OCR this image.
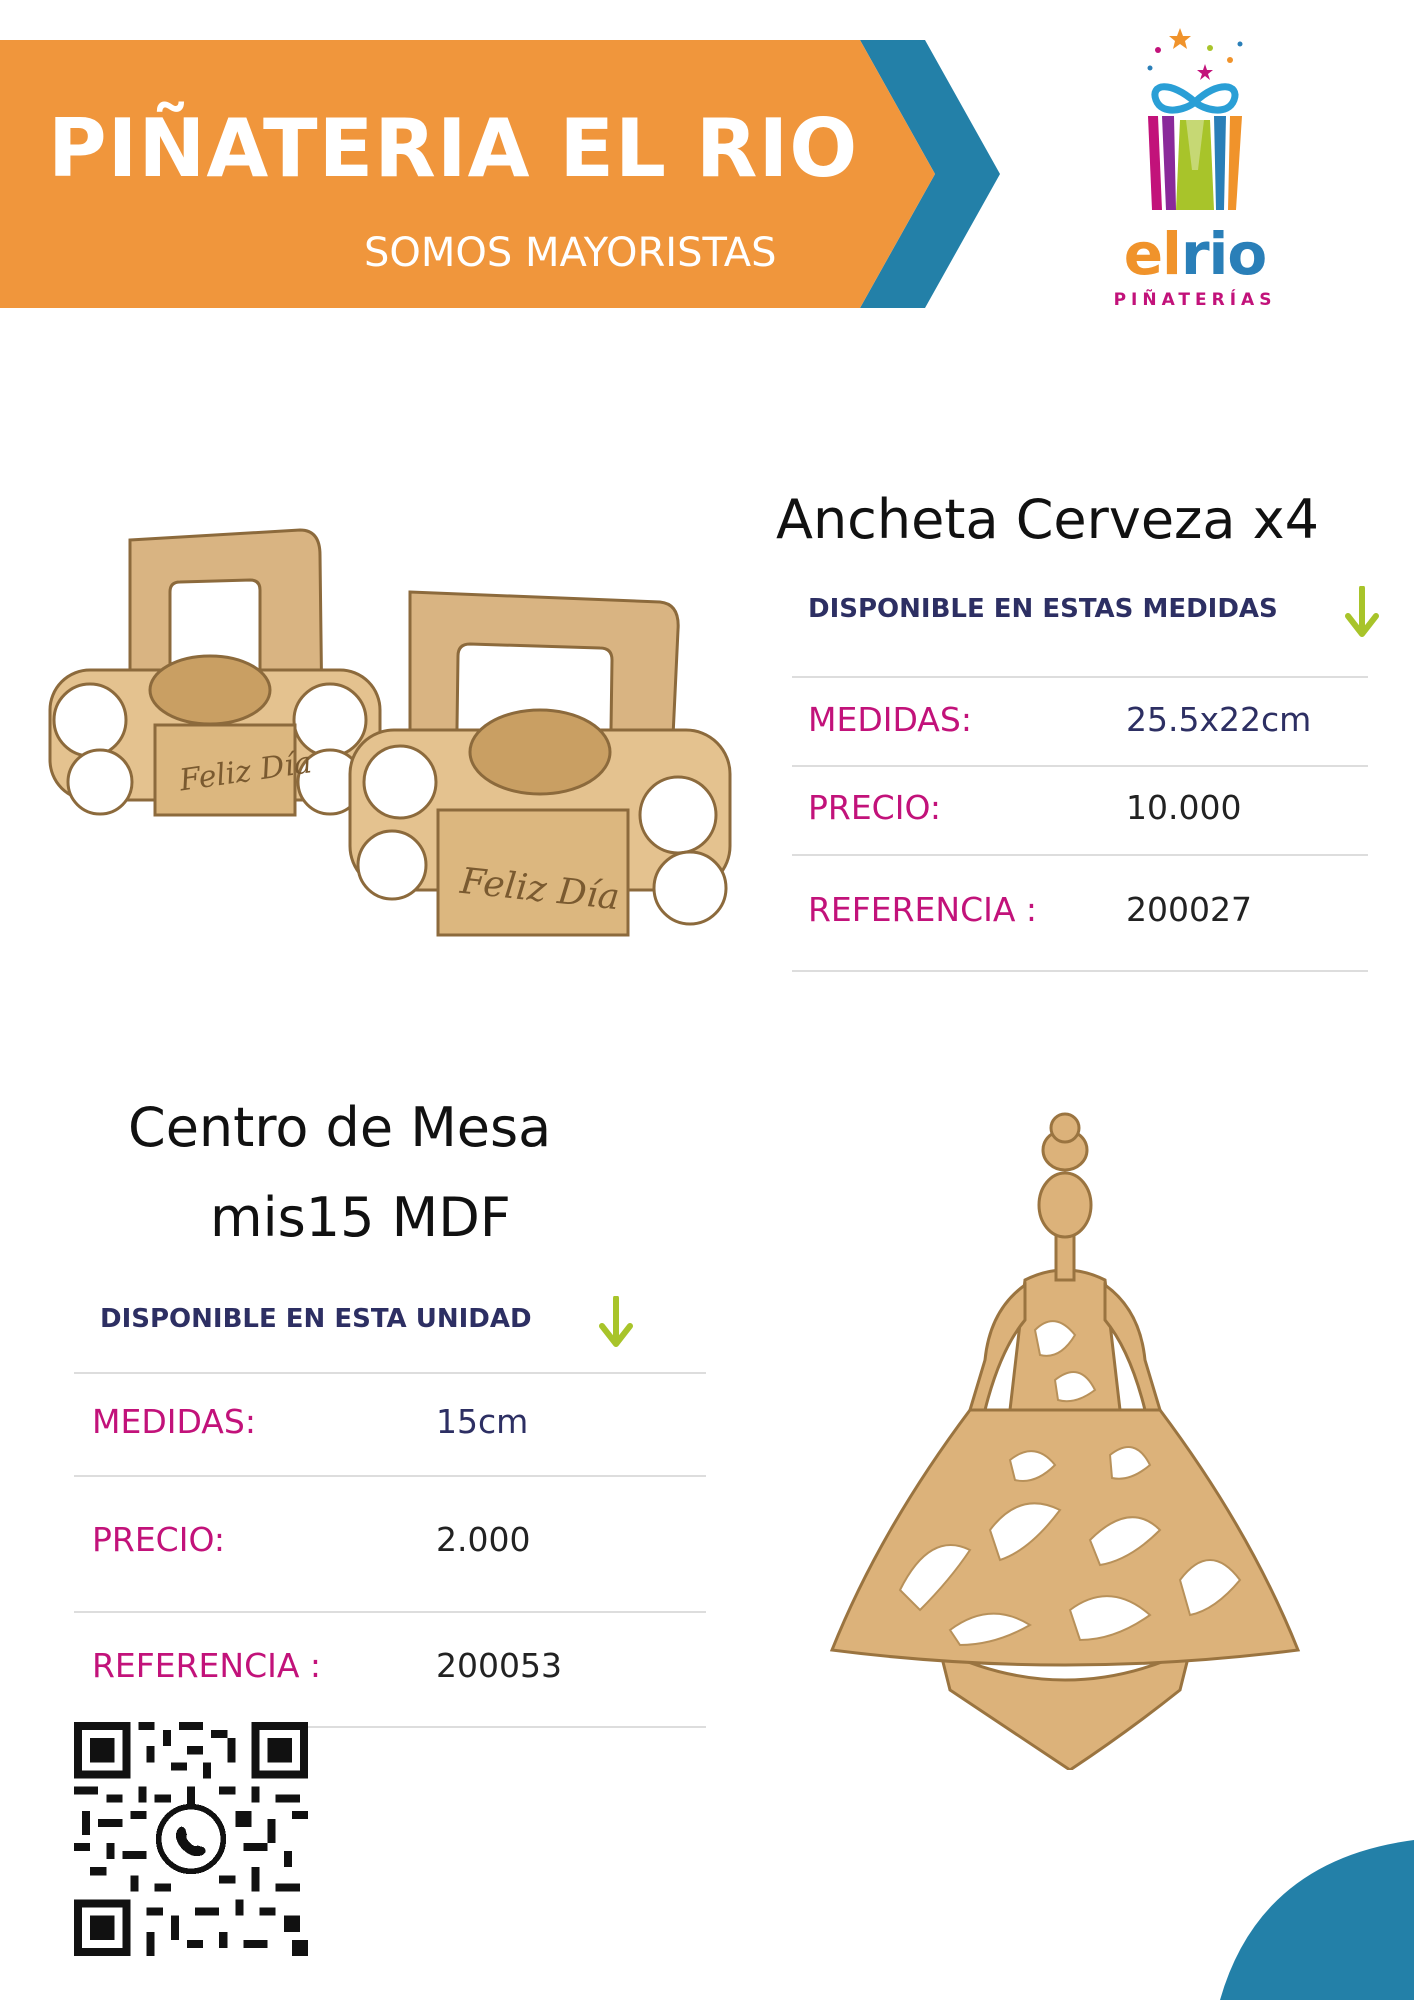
PIÑATERIA EL RIO
SOMOS MAYORISTAS	elrio
PIÑATERÍAS
Feliz Día
Feliz Día
Ancheta Cerveza x4
DISPONIBLE EN ESTAS MEDIDAS
MEDIDAS:	25.5x22cm
PRECIO:	10.000
REFERENCIA :	200027
Centro de Mesa
mis15 MDF
DISPONIBLE EN ESTA UNIDAD
MEDIDAS:	15cm
PRECIO:	2.000
REFERENCIA :	200053
